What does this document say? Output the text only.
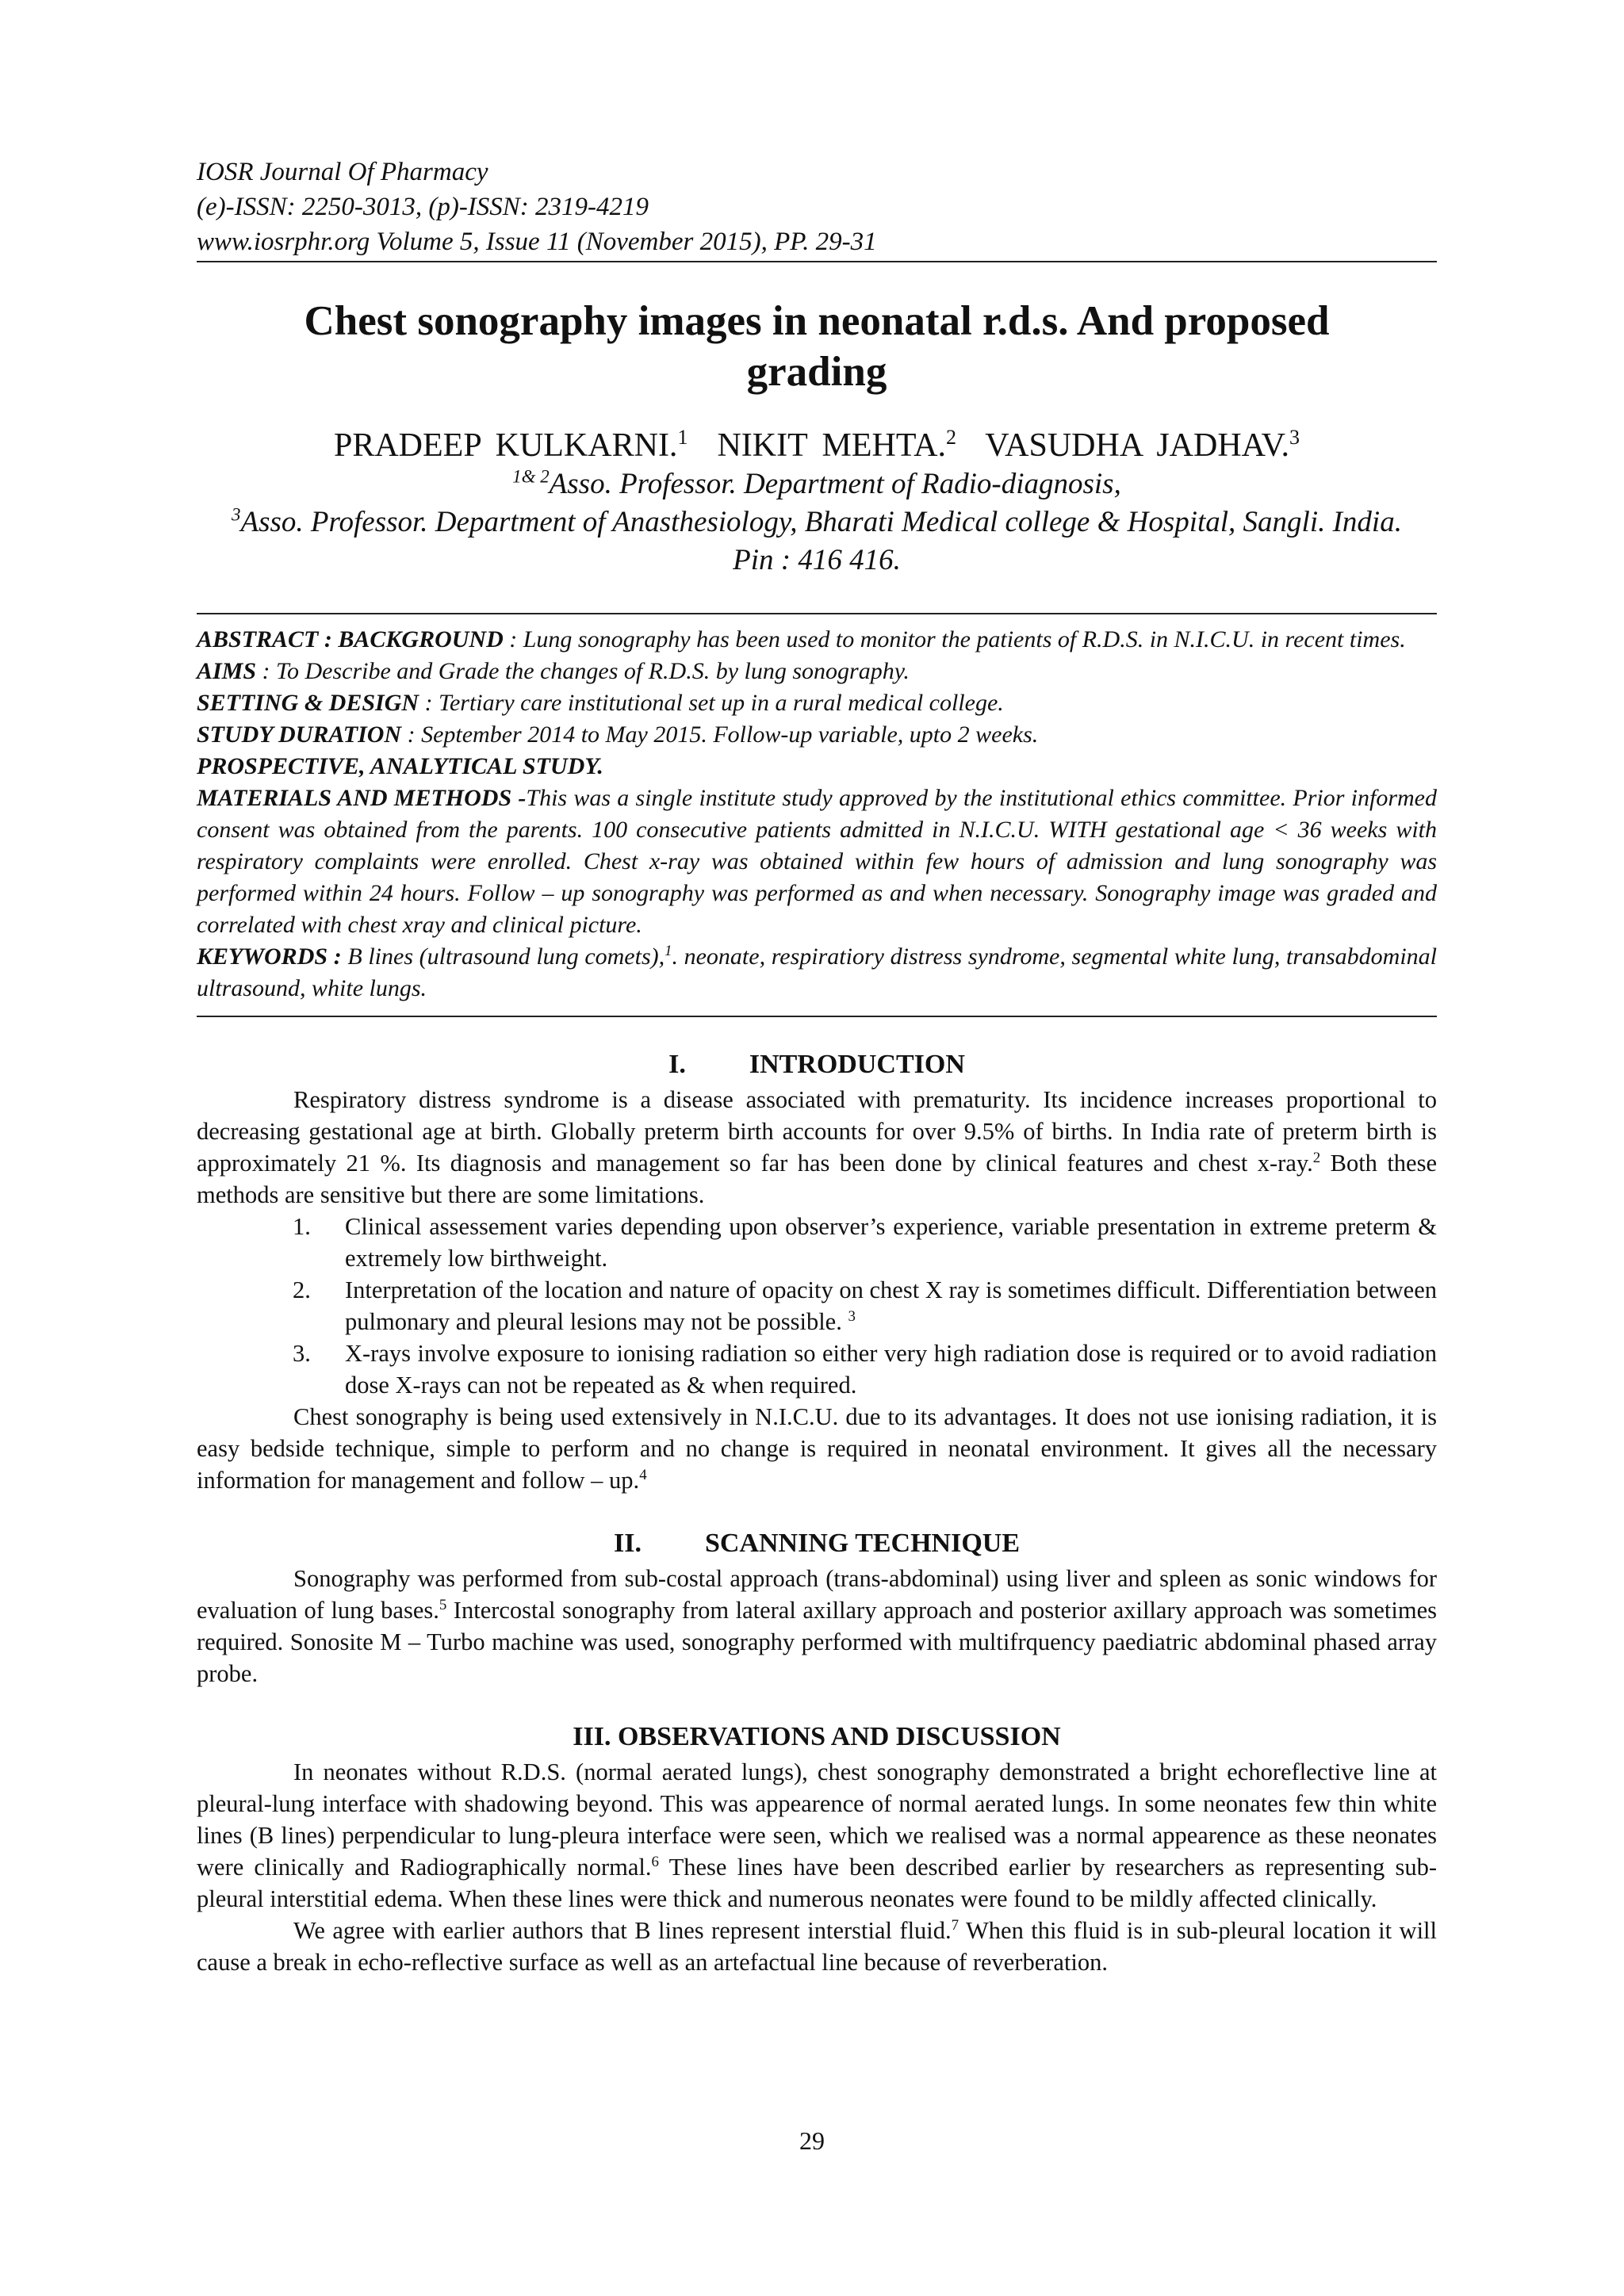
IOSR Journal Of Pharmacy
(e)-ISSN: 2250-3013, (p)-ISSN: 2319-4219
www.iosrphr.org Volume 5, Issue 11 (November 2015), PP. 29-31
Chest sonography images in neonatal r.d.s. And proposed grading
PRADEEP KULKARNI.$^1$ NIKIT MEHTA.$^2$ VASUDHA JADHAV.$^3$
$^{1\& 2}$Asso. Professor. Department of Radio-diagnosis,
$^3$Asso. Professor. Department of Anasthesiology, Bharati Medical college & Hospital, Sangli. India. Pin : 416 416.

ABSTRACT : BACKGROUND : Lung sonography has been used to monitor the patients of R.D.S. in N.I.C.U. in recent times.

AIMS : To Describe and Grade the changes of R.D.S. by lung sonography.

SETTING & DESIGN : Tertiary care institutional set up in a rural medical college.

STUDY DURATION : September 2014 to May 2015. Follow-up variable, upto 2 weeks.

PROSPECTIVE, ANALYTICAL STUDY.

MATERIALS AND METHODS -This was a single institute study approved by the institutional ethics committee. Prior informed consent was obtained from the parents. 100 consecutive patients admitted in N.I.C.U. WITH gestational age < 36 weeks with respiratory complaints were enrolled. Chest x-ray was obtained within few hours of admission and lung sonography was performed within 24 hours. Follow – up sonography was performed as and when necessary. Sonography image was graded and correlated with chest xray and clinical picture.

KEYWORDS : B lines (ultrasound lung comets),$^1$. neonate, respiratiory distress syndrome, segmental white lung, transabdominal ultrasound, white lungs.

I. INTRODUCTION

Respiratory distress syndrome is a disease associated with prematurity. Its incidence increases proportional to decreasing gestational age at birth. Globally preterm birth accounts for over 9.5% of births. In India rate of preterm birth is approximately 21 %. Its diagnosis and management so far has been done by clinical features and chest x-ray.$^2$ Both these methods are sensitive but there are some limitations.

1. Clinical assessement varies depending upon observer’s experience, variable presentation in extreme preterm & extremely low birthweight.
2. Interpretation of the location and nature of opacity on chest X ray is sometimes difficult. Differentiation between pulmonary and pleural lesions may not be possible. $^3$
3. X-rays involve exposure to ionising radiation so either very high radiation dose is required or to avoid radiation dose X-rays can not be repeated as & when required.

Chest sonography is being used extensively in N.I.C.U. due to its advantages. It does not use ionising radiation, it is easy bedside technique, simple to perform and no change is required in neonatal environment. It gives all the necessary information for management and follow – up.$^4$

II. SCANNING TECHNIQUE

Sonography was performed from sub-costal approach (trans-abdominal) using liver and spleen as sonic windows for evaluation of lung bases.$^5$ Intercostal sonography from lateral axillary approach and posterior axillary approach was sometimes required. Sonosite M – Turbo machine was used, sonography performed with multifrquency paediatric abdominal phased array probe.

III. OBSERVATIONS AND DISCUSSION

In neonates without R.D.S. (normal aerated lungs), chest sonography demonstrated a bright echoreflective line at pleural-lung interface with shadowing beyond. This was appearence of normal aerated lungs. In some neonates few thin white lines (B lines) perpendicular to lung-pleura interface were seen, which we realised was a normal appearence as these neonates were clinically and Radiographically normal.$^6$ These lines have been described earlier by researchers as representing sub-pleural interstitial edema. When these lines were thick and numerous neonates were found to be mildly affected clinically.

We agree with earlier authors that B lines represent interstial fluid.$^7$ When this fluid is in sub-pleural location it will cause a break in echo-reflective surface as well as an artefactual line because of reverberation.

29
